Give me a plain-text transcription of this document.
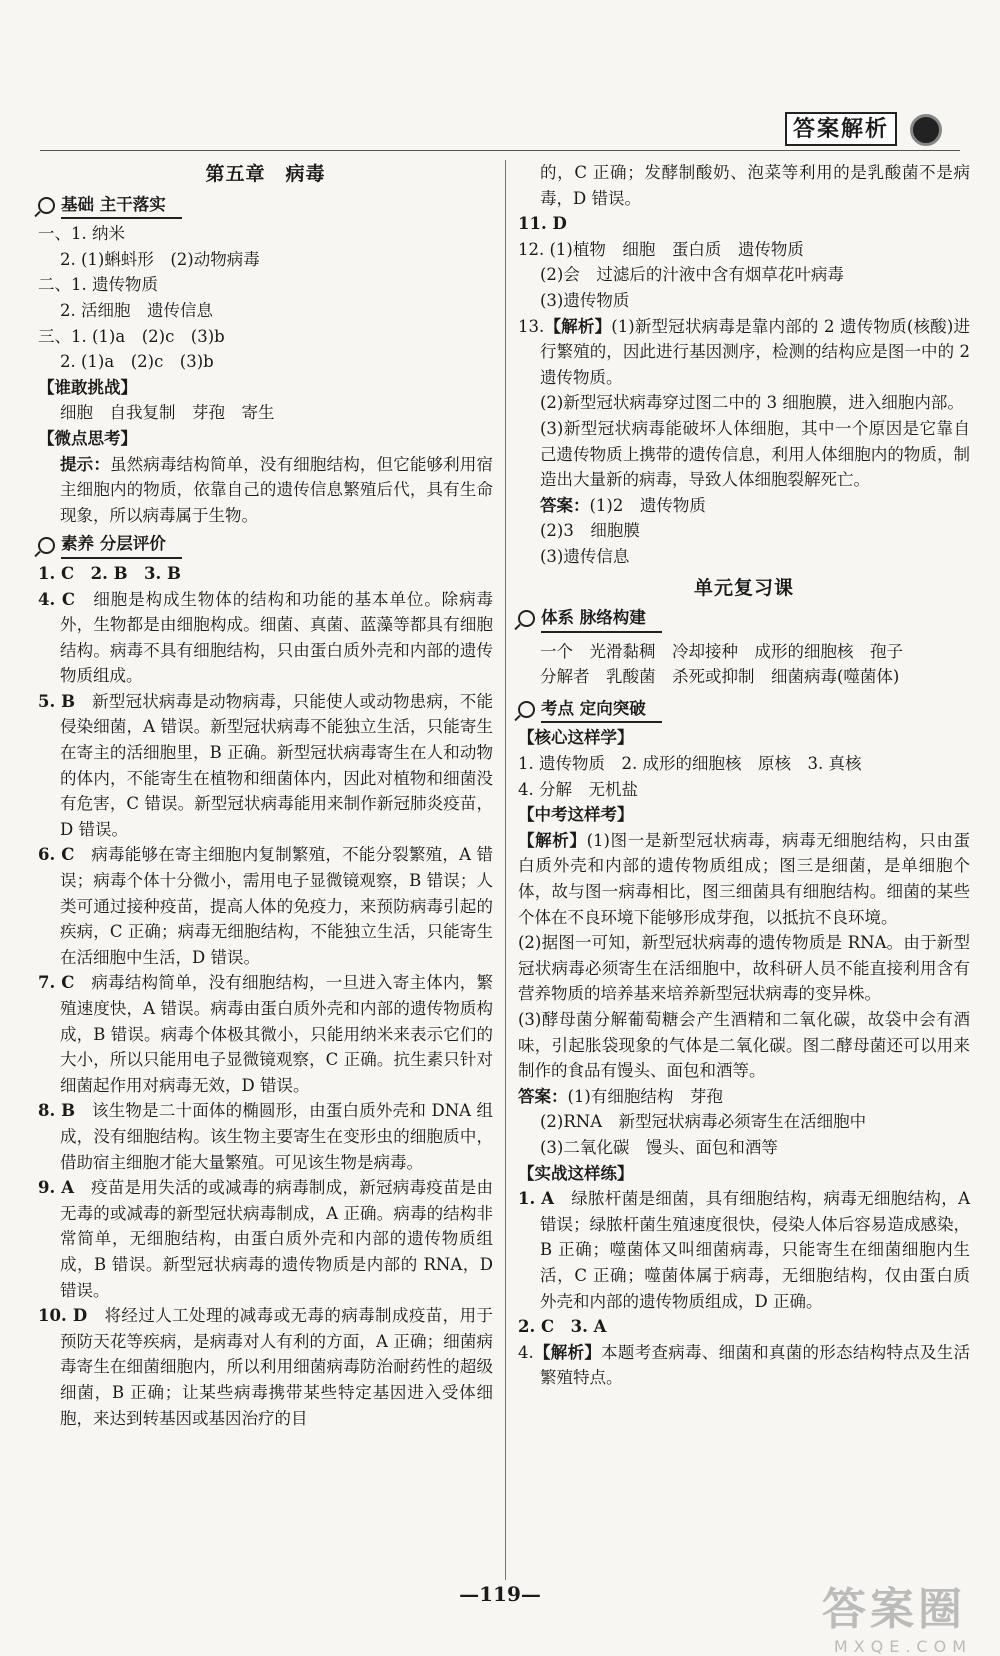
答案解析
第五章　病毒
基础 主干落实

一、1. 纳米

2. (1)蝌蚪形　(2)动物病毒

二、1. 遗传物质

2. 活细胞　遗传信息

三、1. (1)a　(2)c　(3)b

2. (1)a　(2)c　(3)b

【谁敢挑战】

细胞　自我复制　芽孢　寄生

【微点思考】

提示：虽然病毒结构简单，没有细胞结构，但它能够利用宿主细胞内的物质，依靠自己的遗传信息繁殖后代，具有生命现象，所以病毒属于生物。

素养 分层评价

1. C　2. B　3. B

4. C　 细胞是构成生物体的结构和功能的基本单位。除病毒外，生物都是由细胞构成。细菌、真菌、蓝藻等都具有细胞结构。病毒不具有细胞结构，只由蛋白质外壳和内部的遗传物质组成。

5. B　 新型冠状病毒是动物病毒，只能使人或动物患病，不能侵染细菌，A 错误。新型冠状病毒不能独立生活，只能寄生在寄主的活细胞里，B 正确。新型冠状病毒寄生在人和动物的体内，不能寄生在植物和细菌体内，因此对植物和细菌没有危害，C 错误。新型冠状病毒能用来制作新冠肺炎疫苗，D 错误。

6. C　 病毒能够在寄主细胞内复制繁殖，不能分裂繁殖，A 错误；病毒个体十分微小，需用电子显微镜观察，B 错误；人类可通过接种疫苗，提高人体的免疫力，来预防病毒引起的疾病，C 正确；病毒无细胞结构，不能独立生活，只能寄生在活细胞中生活，D 错误。

7. C　 病毒结构简单，没有细胞结构，一旦进入寄主体内，繁殖速度快，A 错误。病毒由蛋白质外壳和内部的遗传物质构成，B 错误。病毒个体极其微小，只能用纳米来表示它们的大小，所以只能用电子显微镜观察，C 正确。抗生素只针对细菌起作用对病毒无效，D 错误。

8. B　 该生物是二十面体的椭圆形，由蛋白质外壳和 DNA 组成，没有细胞结构。该生物主要寄生在变形虫的细胞质中，借助宿主细胞才能大量繁殖。可见该生物是病毒。

9. A　 疫苗是用失活的或减毒的病毒制成，新冠病毒疫苗是由无毒的或减毒的新型冠状病毒制成，A 正确。病毒的结构非常简单，无细胞结构，由蛋白质外壳和内部的遗传物质组成，B 错误。新型冠状病毒的遗传物质是内部的 RNA，D 错误。

10. D　 将经过人工处理的减毒或无毒的病毒制成疫苗，用于预防天花等疾病，是病毒对人有利的方面，A 正确；细菌病毒寄生在细菌细胞内，所以利用细菌病毒防治耐药性的超级细菌，B 正确；让某些病毒携带某些特定基因进入受体细胞，来达到转基因或基因治疗的目

的，C 正确；发酵制酸奶、泡菜等利用的是乳酸菌不是病毒，D 错误。

11. D

12. (1)植物　细胞　蛋白质　遗传物质

(2)会　过滤后的汁液中含有烟草花叶病毒

(3)遗传物质

13.【解析】(1)新型冠状病毒是靠内部的 2 遗传物质(核酸)进行繁殖的，因此进行基因测序，检测的结构应是图一中的 2 遗传物质。

(2)新型冠状病毒穿过图二中的 3 细胞膜，进入细胞内部。

(3)新型冠状病毒能破坏人体细胞，其中一个原因是它靠自己遗传物质上携带的遗传信息，利用人体细胞内的物质，制造出大量新的病毒，导致人体细胞裂解死亡。

答案：(1)2　遗传物质

(2)3　细胞膜

(3)遗传信息

单元复习课
体系 脉络构建

一个　光滑黏稠　冷却接种　成形的细胞核　孢子

分解者　乳酸菌　杀死或抑制　细菌病毒(噬菌体)

考点 定向突破

【核心这样学】

1. 遗传物质　2. 成形的细胞核　原核　3. 真核

4. 分解　无机盐

【中考这样考】

【解析】(1)图一是新型冠状病毒，病毒无细胞结构，只由蛋白质外壳和内部的遗传物质组成；图三是细菌，是单细胞个体，故与图一病毒相比，图三细菌具有细胞结构。细菌的某些个体在不良环境下能够形成芽孢，以抵抗不良环境。

(2)据图一可知，新型冠状病毒的遗传物质是 RNA。由于新型冠状病毒必须寄生在活细胞中，故科研人员不能直接利用含有营养物质的培养基来培养新型冠状病毒的变异株。

(3)酵母菌分解葡萄糖会产生酒精和二氧化碳，故袋中会有酒味，引起胀袋现象的气体是二氧化碳。图二酵母菌还可以用来制作的食品有馒头、面包和酒等。

答案：(1)有细胞结构　芽孢

(2)RNA　新型冠状病毒必须寄生在活细胞中

(3)二氧化碳　馒头、面包和酒等

【实战这样练】

1. A　 绿脓杆菌是细菌，具有细胞结构，病毒无细胞结构，A 错误；绿脓杆菌生殖速度很快，侵染人体后容易造成感染，B 正确；噬菌体又叫细菌病毒，只能寄生在细菌细胞内生活，C 正确；噬菌体属于病毒，无细胞结构，仅由蛋白质外壳和内部的遗传物质组成，D 正确。

2. C　3. A

4.【解析】本题考查病毒、细菌和真菌的形态结构特点及生活繁殖特点。

—119—	答案圈
MXQE.COM
